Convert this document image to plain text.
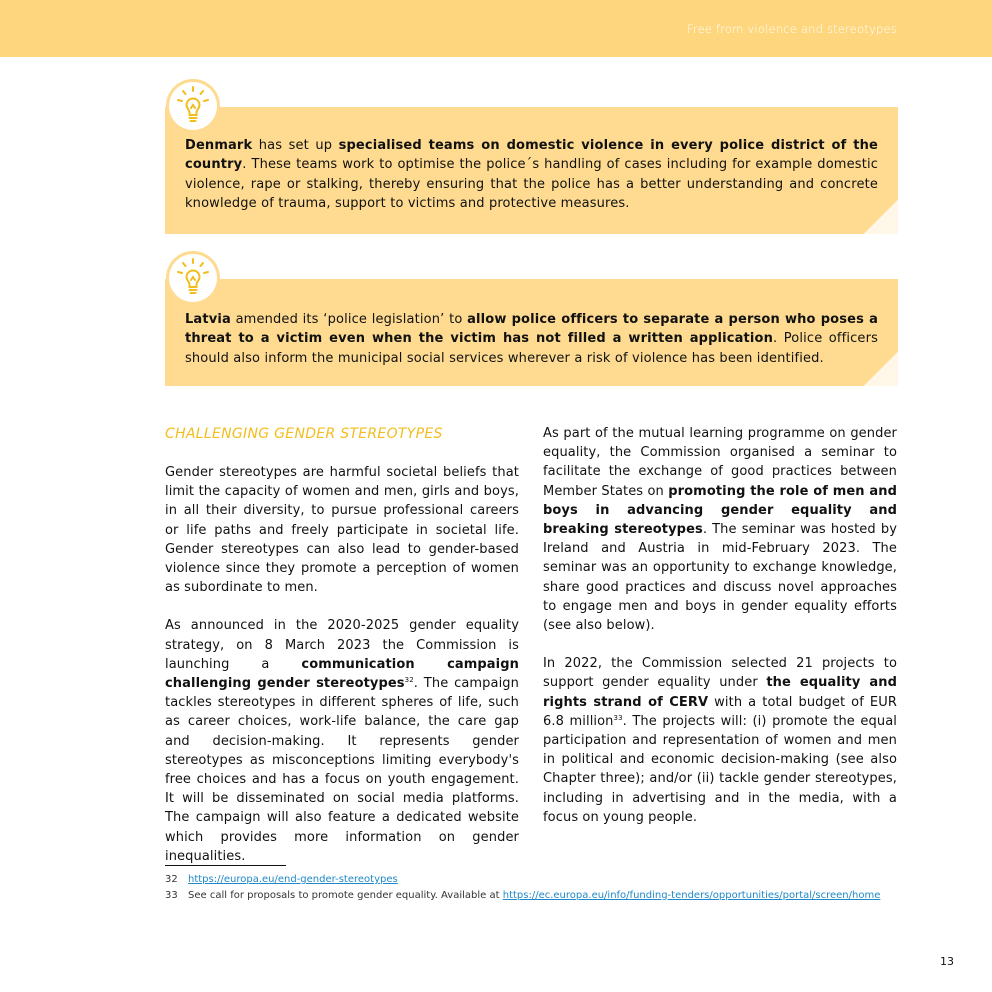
Free from violence and stereotypes
Denmark has set up specialised teams on domestic violence in every police district of the country. These teams work to optimise the police´s handling of cases including for example domestic violence, rape or stalking, thereby ensuring that the police has a better understanding and concrete knowledge of trauma, support to victims and protective measures.
Latvia amended its ‘police legislation’ to allow police officers to separate a person who poses a threat to a victim even when the victim has not filled a written application. Police officers should also inform the municipal social services wherever a risk of violence has been identified.
CHALLENGING GENDER STEREOTYPES

Gender stereotypes are harmful societal beliefs that limit the capacity of women and men, girls and boys, in all their diversity, to pursue professional careers or life paths and freely participate in societal life. Gender stereotypes can also lead to gender-based violence since they promote a perception of women as subordinate to men.

As announced in the 2020-2025 gender equality strategy, on 8 March 2023 the Commission is launching a communication campaign challenging gender stereotypes$^{32}$. The campaign tackles stereotypes in different spheres of life, such as career choices, work-life balance, the care gap and decision-making. It represents gender stereotypes as misconceptions limiting everybody's free choices and has a focus on youth engagement. It will be disseminated on social media platforms. The campaign will also feature a dedicated website which provides more information on gender inequalities.

As part of the mutual learning programme on gender equality, the Commission organised a seminar to facilitate the exchange of good practices between Member States on promoting the role of men and boys in advancing gender equality and breaking stereotypes. The seminar was hosted by Ireland and Austria in mid-February 2023. The seminar was an opportunity to exchange knowledge, share good practices and discuss novel approaches to engage men and boys in gender equality efforts (see also below).

In 2022, the Commission selected 21 projects to support gender equality under the equality and rights strand of CERV with a total budget of EUR 6.8 million$^{33}$. The projects will: (i) promote the equal participation and representation of women and men in political and economic decision-making (see also Chapter three); and/or (ii) tackle gender stereotypes, including in advertising and in the media, with a focus on young people.

32 https://europa.eu/end-gender-stereotypes
33 See call for proposals to promote gender equality. Available at https://ec.europa.eu/info/funding-tenders/opportunities/portal/screen/home
13
